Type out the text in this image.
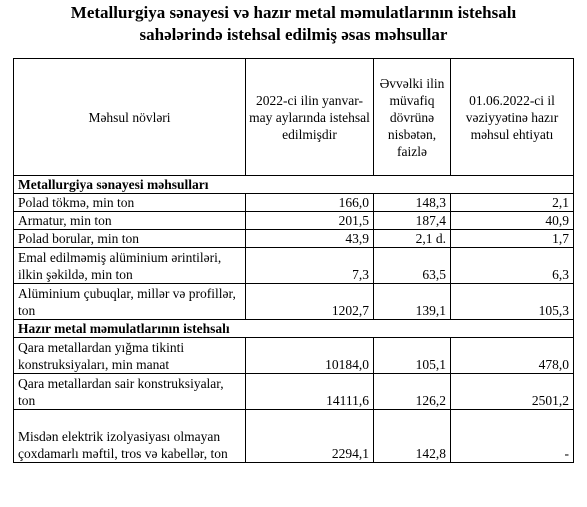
Metallurgiya sənayesi və hazır metal məmulatlarının istehsalı
sahələrində istehsal edilmiş əsas məhsullar
Məhsul növləri	2022-ci ilin yanvar-may aylarında istehsal edilmişdir	Əvvəlki ilin müvafiq dövrünə nisbətən, faizlə	01.06.2022-ci il vəziyyətinə hazır məhsul ehtiyatı
Metallurgiya sənayesi məhsulları			
Polad tökmə, min ton	166,0	148,3	2,1
Armatur, min ton	201,5	187,4	40,9
Polad borular, min ton	43,9	2,1 d.	1,7
Emal edilməmiş alüminium ərintiləri, ilkin şəkildə, min ton	7,3	63,5	6,3
Alüminium çubuqlar, millər və profillər, ton	1202,7	139,1	105,3
Hazır metal məmulatlarının istehsalı			
Qara metallardan yığma tikinti konstruksiyaları, min manat	10184,0	105,1	478,0
Qara metallardan sair konstruksiyalar, ton	14111,6	126,2	2501,2
Misdən elektrik izolyasiyası olmayan çoxdamarlı məftil, tros və kabellər, ton	2294,1	142,8	-
